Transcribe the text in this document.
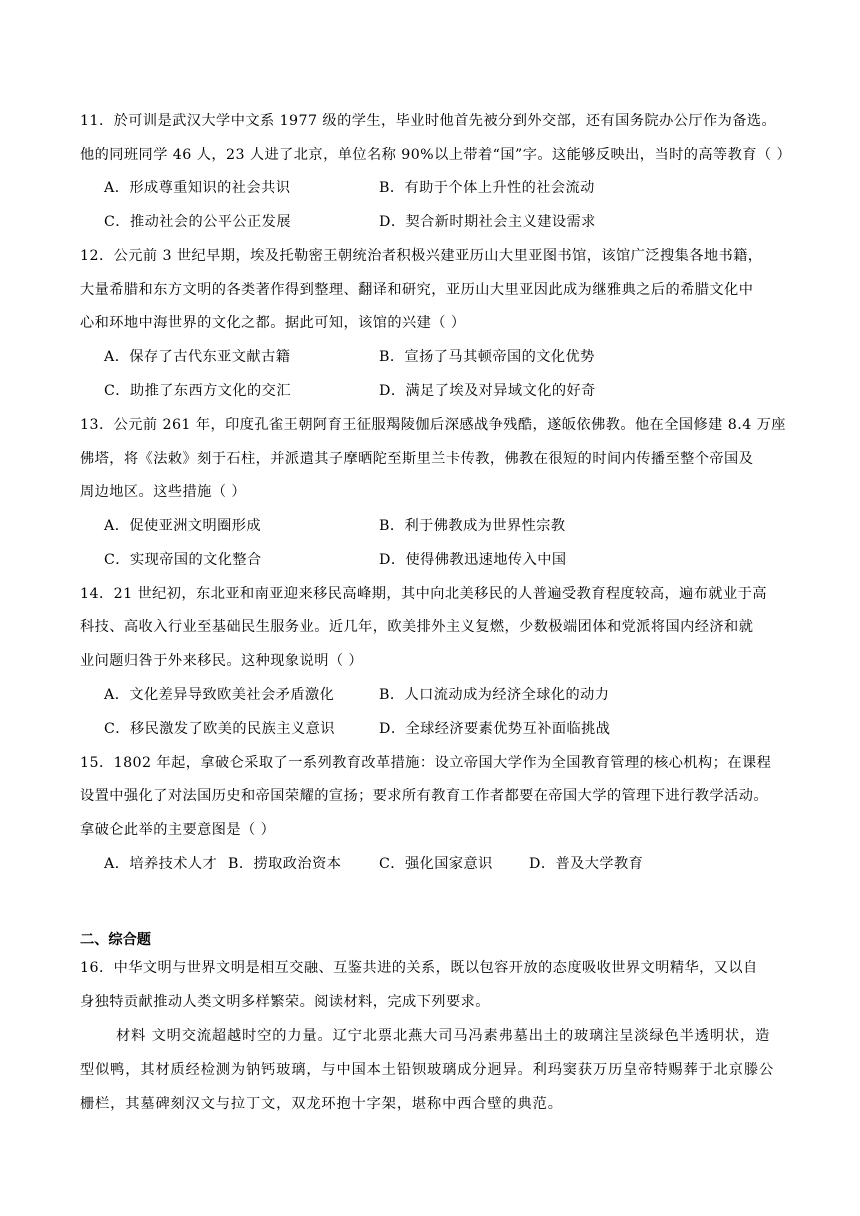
11．於可训是武汉大学中文系 1977 级的学生，毕业时他首先被分到外交部，还有国务院办公厅作为备选。
他的同班同学 46 人，23 人进了北京，单位名称 90%以上带着“国”字。这能够反映出，当时的高等教育（ ）
A．形成尊重知识的社会共识	B．有助于个体上升性的社会流动
C．推动社会的公平公正发展	D．契合新时期社会主义建设需求
12．公元前 3 世纪早期，埃及托勒密王朝统治者积极兴建亚历山大里亚图书馆，该馆广泛搜集各地书籍，
大量希腊和东方文明的各类著作得到整理、翻译和研究，亚历山大里亚因此成为继雅典之后的希腊文化中
心和环地中海世界的文化之都。据此可知，该馆的兴建（ ）
A．保存了古代东亚文献古籍	B．宣扬了马其顿帝国的文化优势
C．助推了东西方文化的交汇	D．满足了埃及对异域文化的好奇
13．公元前 261 年，印度孔雀王朝阿育王征服羯陵伽后深感战争残酷，遂皈依佛教。他在全国修建 8.4 万座
佛塔，将《法敕》刻于石柱，并派遣其子摩晒陀至斯里兰卡传教，佛教在很短的时间内传播至整个帝国及
周边地区。这些措施（ ）
A．促使亚洲文明圈形成	B．利于佛教成为世界性宗教
C．实现帝国的文化整合	D．使得佛教迅速地传入中国
14．21 世纪初，东北亚和南亚迎来移民高峰期，其中向北美移民的人普遍受教育程度较高，遍布就业于高
科技、高收入行业至基础民生服务业。近几年，欧美排外主义复燃，少数极端团体和党派将国内经济和就
业问题归咎于外来移民。这种现象说明（ ）
A．文化差异导致欧美社会矛盾激化	B．人口流动成为经济全球化的动力
C．移民激发了欧美的民族主义意识	D．全球经济要素优势互补面临挑战
15．1802 年起，拿破仑采取了一系列教育改革措施：设立帝国大学作为全国教育管理的核心机构；在课程
设置中强化了对法国历史和帝国荣耀的宣扬；要求所有教育工作者都要在帝国大学的管理下进行教学活动。
拿破仑此举的主要意图是（ ）
A．培养技术人才 B．捞取政治资本	C．强化国家意识	D．普及大学教育
二、综合题
16．中华文明与世界文明是相互交融、互鉴共进的关系，既以包容开放的态度吸收世界文明精华，又以自
身独特贡献推动人类文明多样繁荣。阅读材料，完成下列要求。
材料 文明交流超越时空的力量。辽宁北票北燕大司马冯素弗墓出土的玻璃注呈淡绿色半透明状，造
型似鸭，其材质经检测为钠钙玻璃，与中国本土铅钡玻璃成分迥异。利玛窦获万历皇帝特赐葬于北京滕公
栅栏，其墓碑刻汉文与拉丁文，双龙环抱十字架，堪称中西合壁的典范。
